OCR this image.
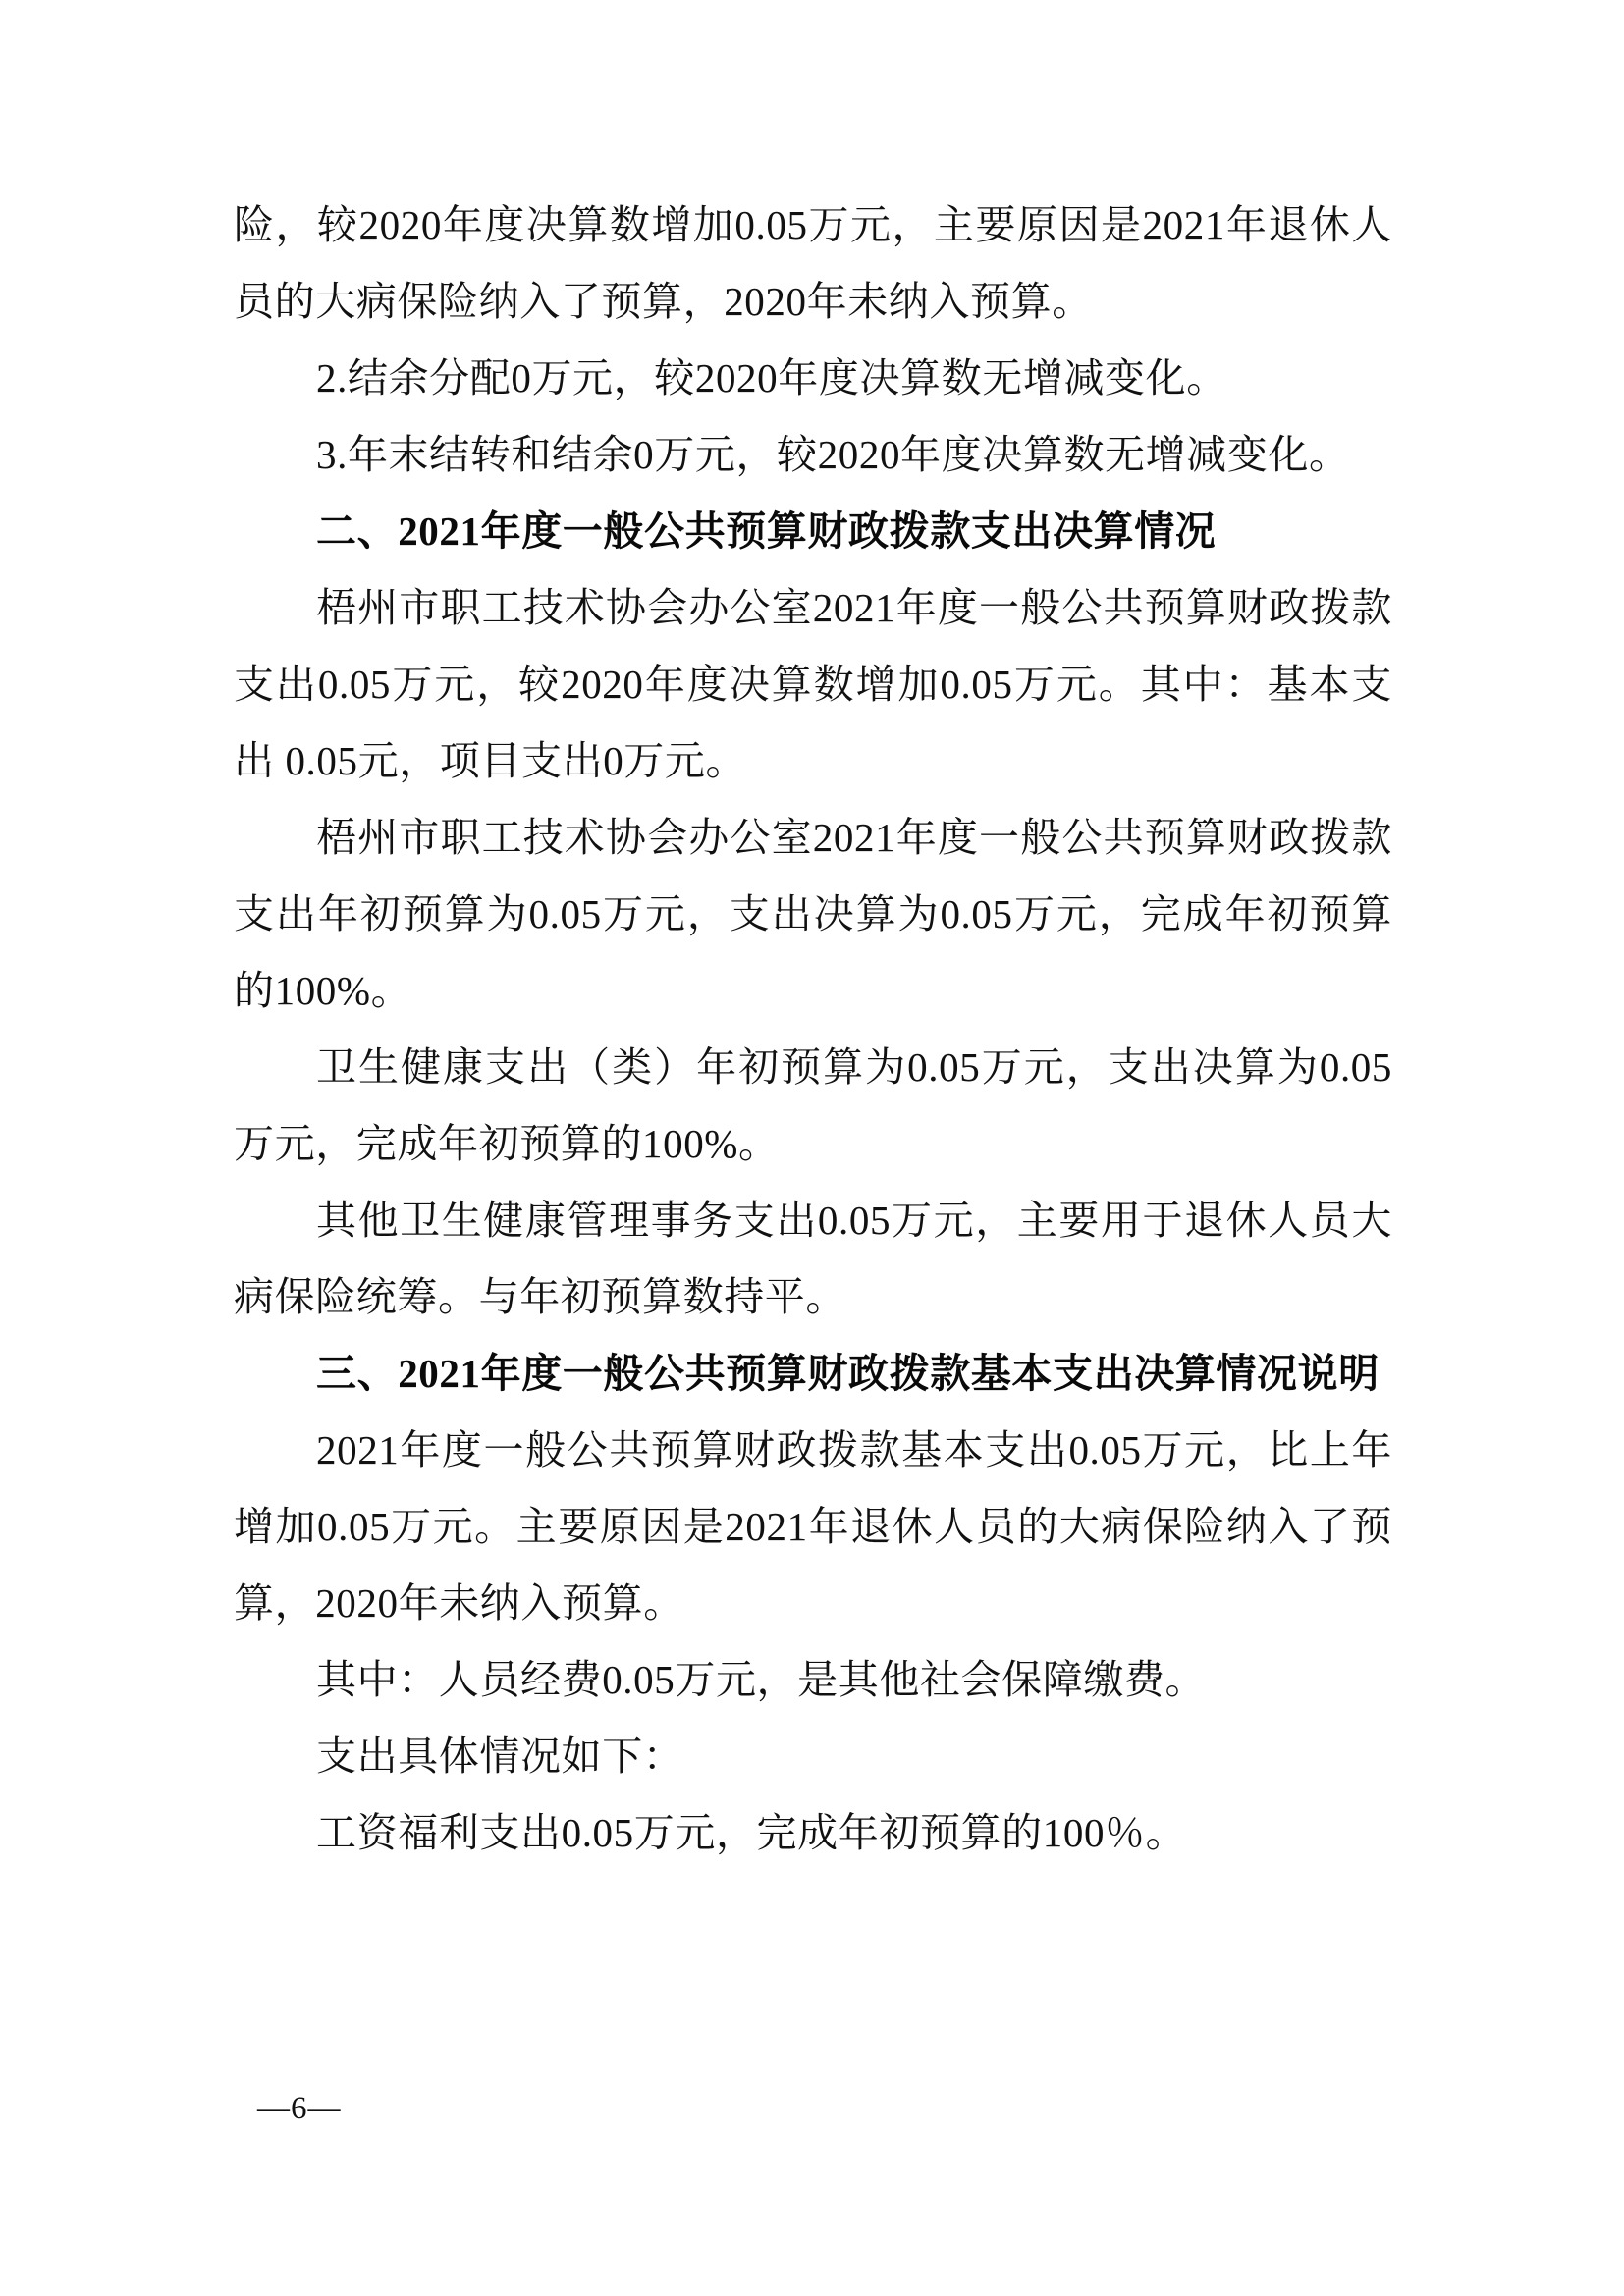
险，较2020年度决算数增加0.05万元，主要原因是2021年退休人员的大病保险纳入了预算，2020年未纳入预算。

2.结余分配0万元，较2020年度决算数无增减变化。

3.年末结转和结余0万元，较2020年度决算数无增减变化。

二、2021年度一般公共预算财政拨款支出决算情况

梧州市职工技术协会办公室2021年度一般公共预算财政拨款支出0.05万元，较2020年度决算数增加0.05万元。其中：基本支出 0.05元，项目支出0万元。

梧州市职工技术协会办公室2021年度一般公共预算财政拨款支出年初预算为0.05万元，支出决算为0.05万元，完成年初预算的100%。

卫生健康支出（类）年初预算为0.05万元，支出决算为0.05万元，完成年初预算的100%。

其他卫生健康管理事务支出0.05万元，主要用于退休人员大病保险统筹。与年初预算数持平。

三、2021年度一般公共预算财政拨款基本支出决算情况说明

2021年度一般公共预算财政拨款基本支出0.05万元，比上年增加0.05万元。主要原因是2021年退休人员的大病保险纳入了预算，2020年未纳入预算。

其中：人员经费0.05万元，是其他社会保障缴费。

支出具体情况如下：

工资福利支出0.05万元，完成年初预算的100％。

—6—
